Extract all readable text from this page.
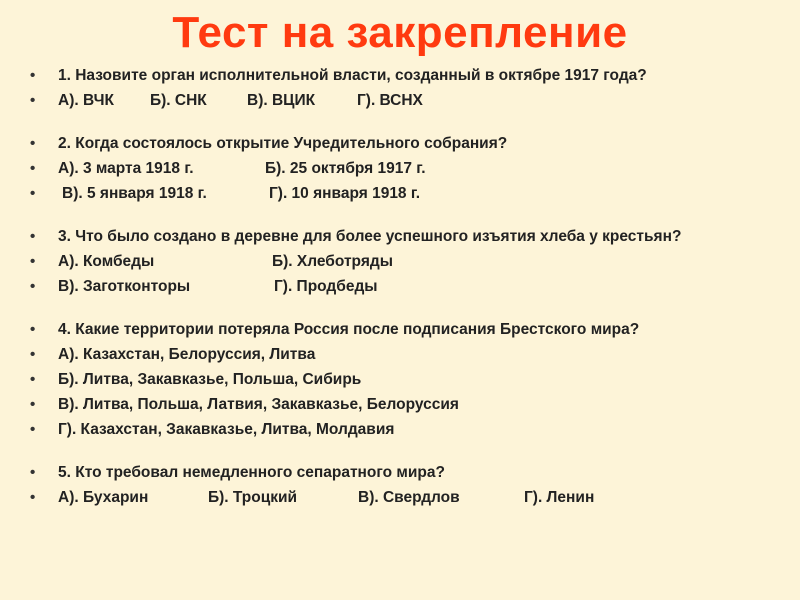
Тест на закрепление
• 1. Назовите орган исполнительной власти, созданный в октябре 1917 года?
• А). ВЧК Б). СНК	В). ВЦИК	Г). ВСНХ
• 2. Когда состоялось открытие Учредительного собрания?
• А). 3 марта 1918 г.	Б). 25 октября 1917 г.
• В). 5 января 1918 г.	Г). 10 января 1918 г.
• 3. Что было создано в деревне для более успешного изъятия хлеба у крестьян?
• А). Комбеды	Б). Хлеботряды
• В). Заготконторы	Г). Продбеды
• 4. Какие территории потеряла Россия после подписания Брестского мира?
• А). Казахстан, Белоруссия, Литва
• Б). Литва, Закавказье, Польша, Сибирь
• В). Литва, Польша, Латвия, Закавказье, Белоруссия
• Г). Казахстан, Закавказье, Литва, Молдавия
• 5. Кто требовал немедленного сепаратного мира?
• А). Бухарин	Б). Троцкий	В). Свердлов	Г). Ленин
